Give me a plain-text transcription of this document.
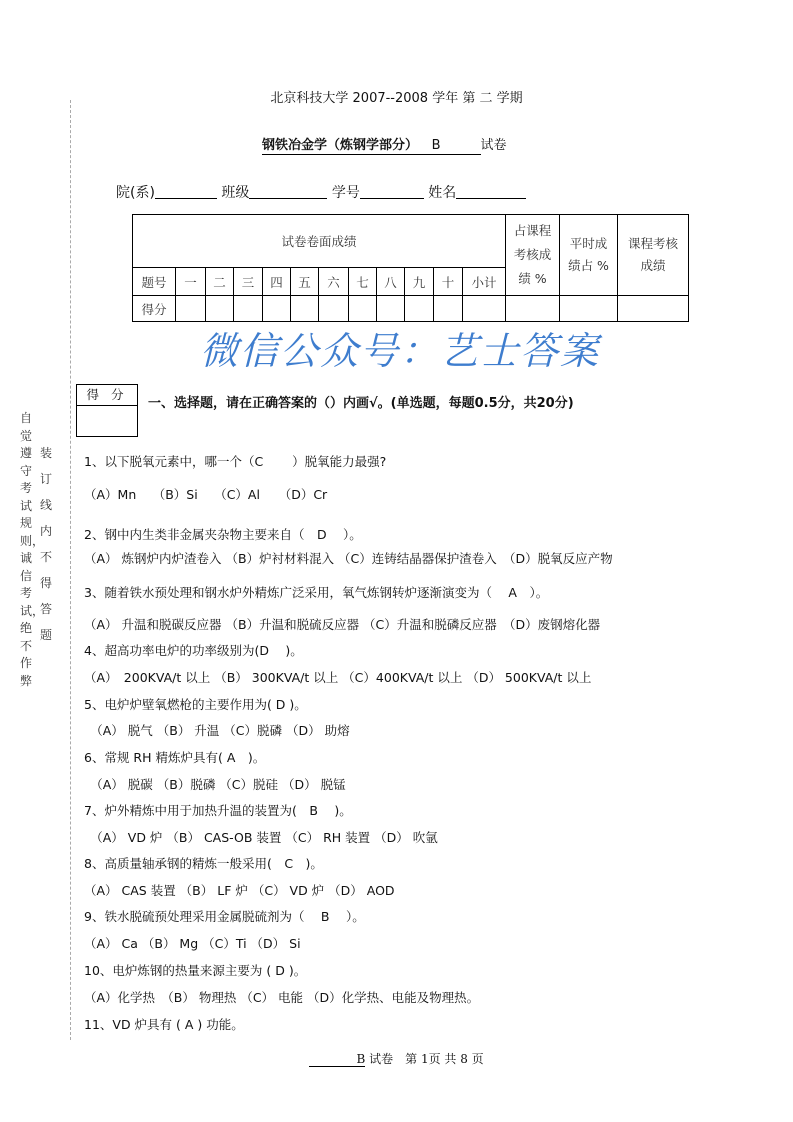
自觉遵守考试规则，诚信考试，绝不作弊
装订线内不得答题
北京科技大学 2007--2008 学年 第 二 学期
钢铁冶金学（炼钢学部分） B	试卷
院(系)	班级	学号	姓名
试卷卷面成绩												占课程考核成绩 %	平时成绩占 %	课程考核成绩
题号	一	二	三	四	五	六	七	八	九	十	小计			
得分														
微信公众号：艺士答案
得 分
一、选择题，请在正确答案的（）内画√。(单选题，每题0.5分，共20分)
1、以下脱氧元素中，哪一个（C　　 ）脱氧能力最强?
（A）Mn　 （B）Si　 （C）Al　　（D）Cr
2、钢中内生类非金属夹杂物主要来自（　D　 ）。
（A） 炼钢炉内炉渣卷入 （B）炉衬材料混入 （C）连铸结晶器保护渣卷入　（D）脱氧反应产物
3、随着铁水预处理和钢水炉外精炼广泛采用，氧气炼钢转炉逐渐演变为（　 A　）。
（A） 升温和脱碳反应器 （B）升温和脱硫反应器 （C）升温和脱磷反应器　（D）废钢熔化器
4、超高功率电炉的功率级别为(D　 )。
（A）　200KVA/t 以上 （B） 300KVA/t 以上 （C）400KVA/t 以上 （D） 500KVA/t 以上
5、电炉炉壁氧燃枪的主要作用为( D )。
　（A） 脱气 （B） 升温 （C）脱磷 （D） 助熔
6、常规 RH 精炼炉具有( A　)。
　（A） 脱碳 （B）脱磷 （C）脱硅 （D） 脱锰
7、炉外精炼中用于加热升温的装置为(　B　 )。
　（A） VD 炉 （B） CAS-OB 装置 （C） RH 装置 （D） 吹氩
8、高质量轴承钢的精炼一般采用(　C　)。
（A） CAS 装置 （B） LF 炉 （C） VD 炉 （D） AOD
9、铁水脱硫预处理采用金属脱硫剂为（　 B　 ）。
（A） Ca （B） Mg （C）Ti （D） Si
10、电炉炼钢的热量来源主要为 ( D )。
（A）化学热　（B） 物理热 （C） 电能 （D）化学热、电能及物理热。
11、VD 炉具有 ( A ) 功能。
B 试卷　第 1页 共 8 页
